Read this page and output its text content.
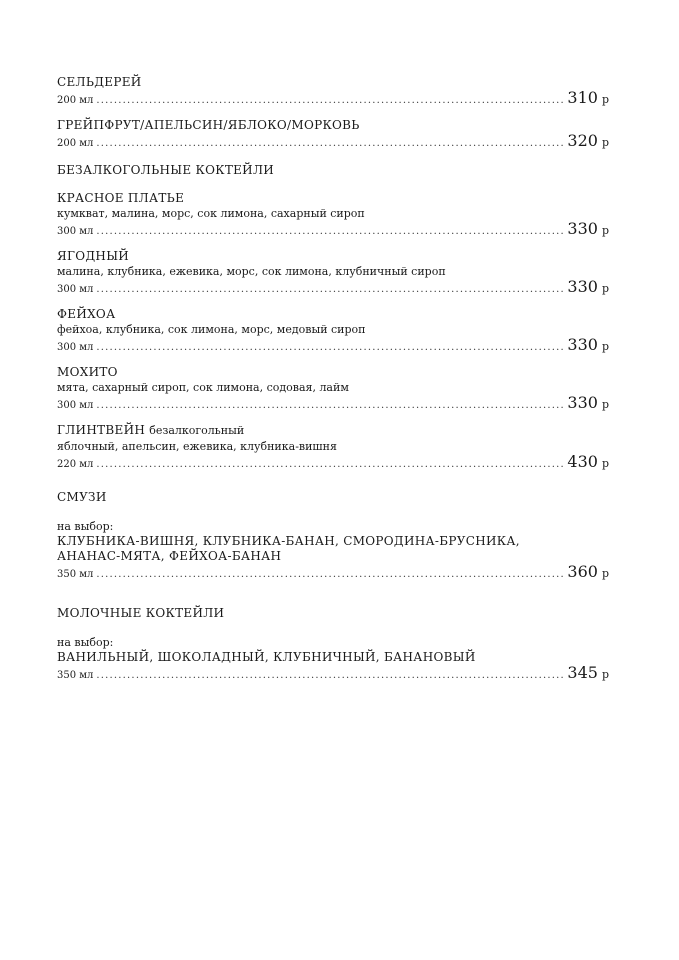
СЕЛЬДЕРЕЙ
200 мл .....	310 р
ГРЕЙПФРУТ/АПЕЛЬСИН/ЯБЛОКО/МОРКОВЬ
200 мл .....	320 р
БЕЗАЛКОГОЛЬНЫЕ КОКТЕЙЛИ
КРАСНОЕ ПЛАТЬЕ
кумкват, малина, морс, сок лимона, сахарный сироп
300 мл .....	330 р
ЯГОДНЫЙ
малина, клубника, ежевика, морс, сок лимона, клубничный сироп
300 мл .....	330 р
ФЕЙХОА
фейхоа, клубника, сок лимона, морс, медовый сироп
300 мл .....	330 р
МОХИТО
мята, сахарный сироп, сок лимона, содовая, лайм
300 мл .....	330 р
ГЛИНТВЕЙН безалкогольный
яблочный, апельсин, ежевика, клубника-вишня
220 мл .....	430 р
СМУЗИ
на выбор:
КЛУБНИКА-ВИШНЯ, КЛУБНИКА-БАНАН, СМОРОДИНА-БРУСНИКА,
АНАНАС-МЯТА, ФЕЙХОА-БАНАН
350 мл .....	360 р
МОЛОЧНЫЕ КОКТЕЙЛИ
на выбор:
ВАНИЛЬНЫЙ, ШОКОЛАДНЫЙ, КЛУБНИЧНЫЙ, БАНАНОВЫЙ
350 мл .....	345 р
